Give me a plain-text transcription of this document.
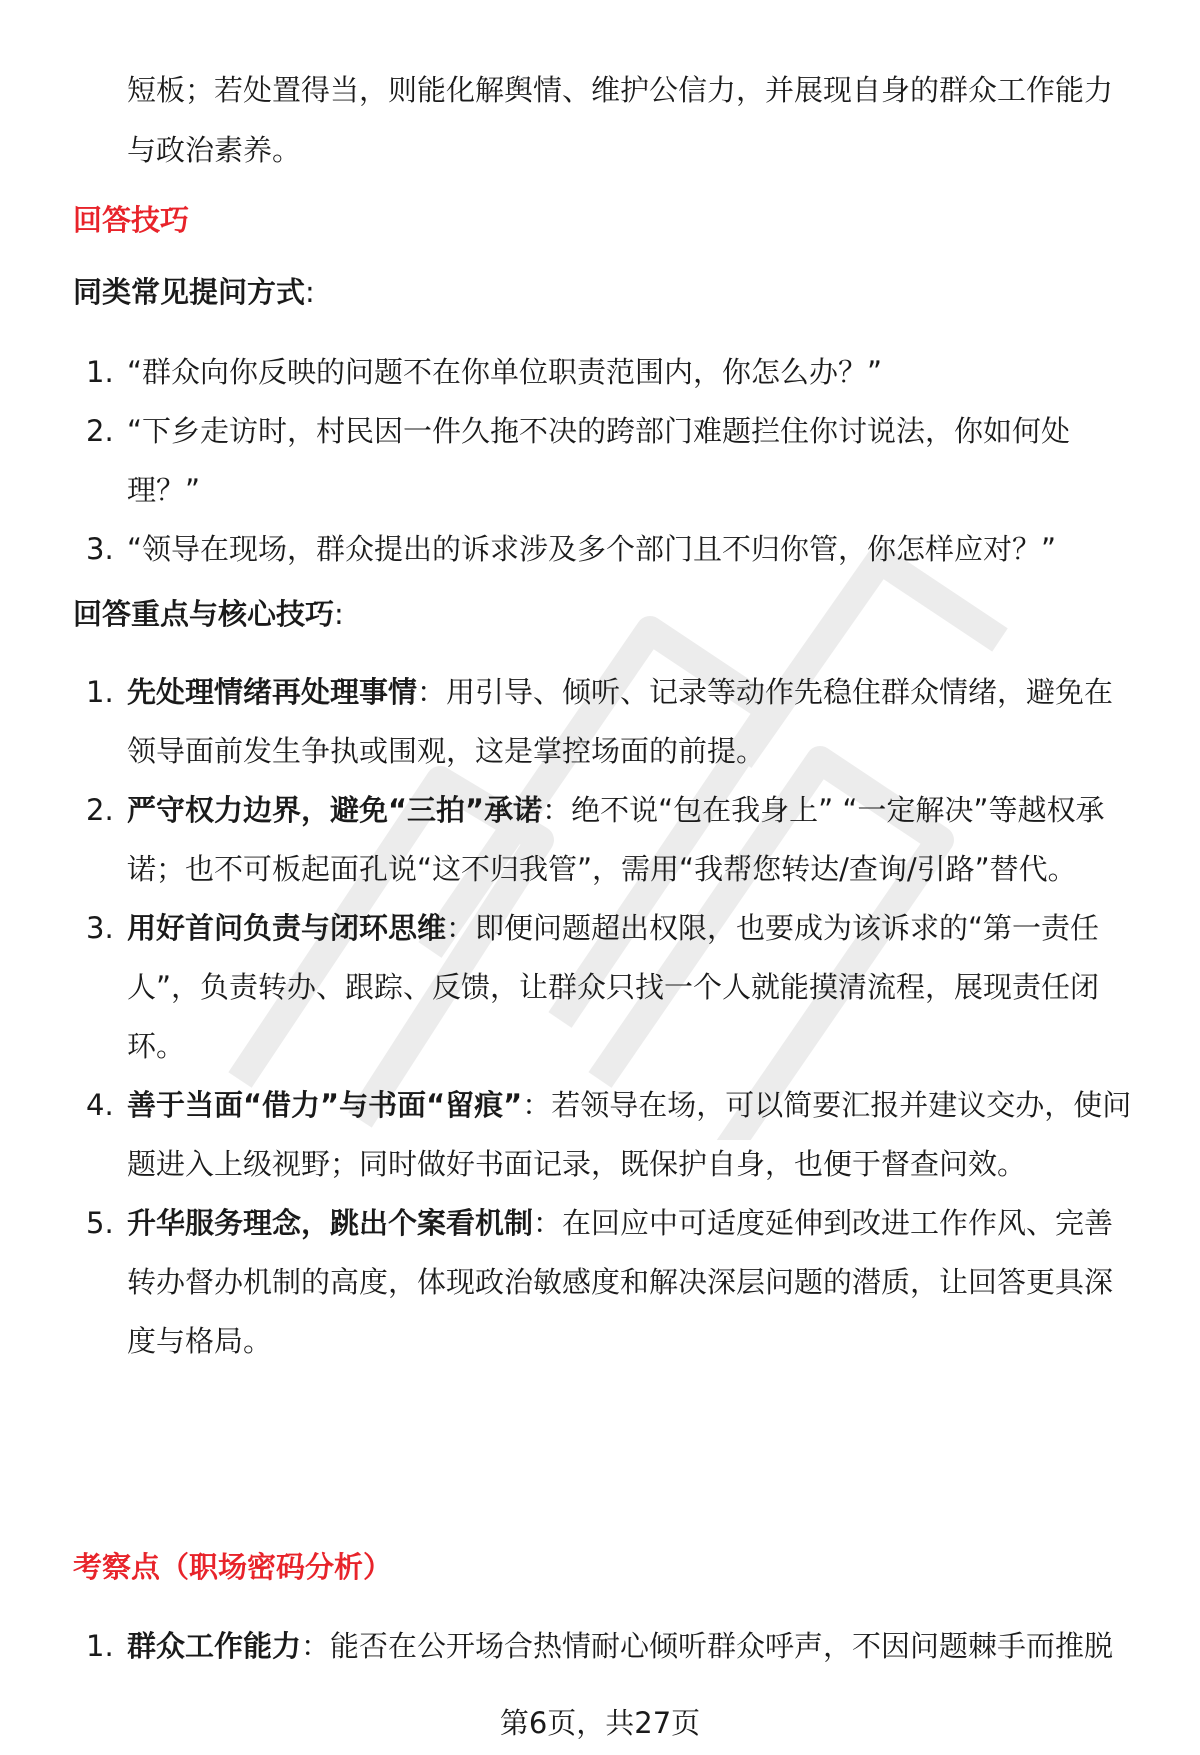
短板；若处置得当，则能化解舆情、维护公信力，并展现自身的群众工作能力与政治素养。

回答技巧
同类常见提问方式:
1. “群众向你反映的问题不在你单位职责范围内，你怎么办？”
2. “下乡走访时，村民因一件久拖不决的跨部门难题拦住你讨说法，你如何处理？”
3. “领导在现场，群众提出的诉求涉及多个部门且不归你管，你怎样应对？”
回答重点与核心技巧:
1. 先处理情绪再处理事情：用引导、倾听、记录等动作先稳住群众情绪，避免在领导面前发生争执或围观，这是掌控场面的前提。
2. 严守权力边界，避免“三拍”承诺：绝不说“包在我身上” “一定解决”等越权承诺；也不可板起面孔说“这不归我管”，需用“我帮您转达/查询/引路”替代。
3. 用好首问负责与闭环思维：即便问题超出权限，也要成为该诉求的“第一责任人”，负责转办、跟踪、反馈，让群众只找一个人就能摸清流程，展现责任闭环。
4. 善于当面“借力”与书面“留痕”：若领导在场，可以简要汇报并建议交办，使问题进入上级视野；同时做好书面记录，既保护自身，也便于督查问效。
5. 升华服务理念，跳出个案看机制：在回应中可适度延伸到改进工作作风、完善转办督办机制的高度，体现政治敏感度和解决深层问题的潜质，让回答更具深度与格局。
考察点（职场密码分析）
1. 群众工作能力：能否在公开场合热情耐心倾听群众呼声，不因问题棘手而推脱
第6页，共27页
